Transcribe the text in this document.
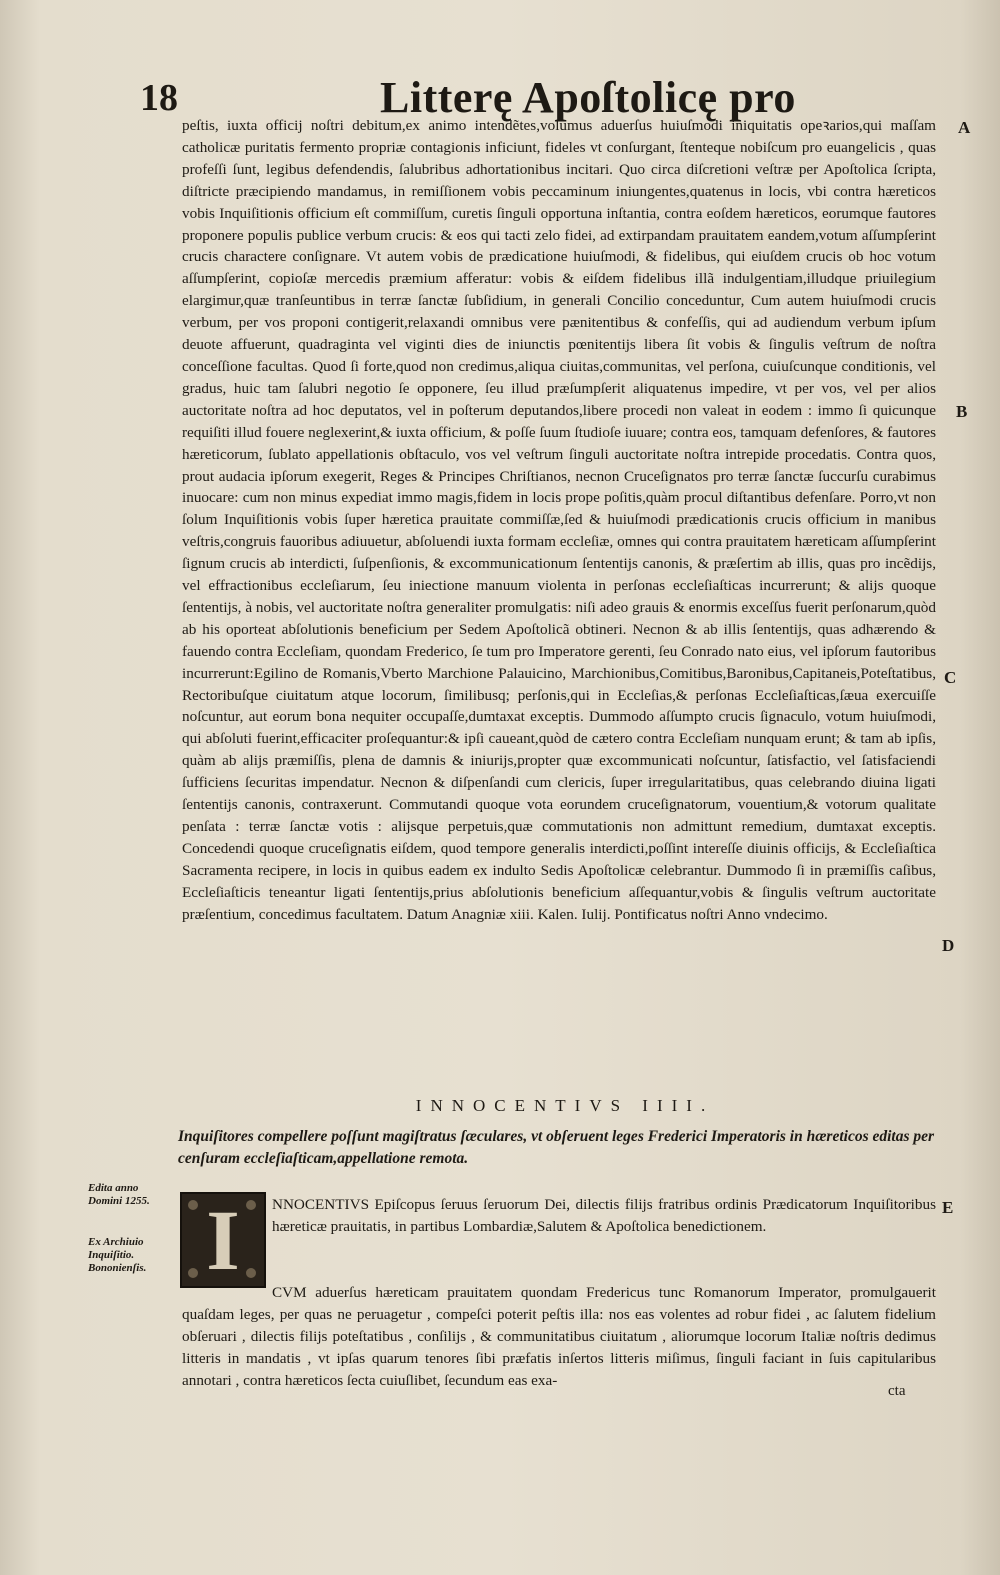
18	Litterę Apoſtolicę pro
A
B
C
D
E

peſtis, iuxta officij noſtri debitum,ex animo intendẽtes,volumus aduerſus huiuſmodi iniquitatis opeꝛarios,qui maſſam catholicæ puritatis fermento propriæ contagionis inficiunt, fideles vt conſurgant, ſtenteque nobiſcum pro euangelicis , quas profeſſi ſunt, legibus defendendis, ſalubribus adhortationibus incitari. Quo circa diſcretioni veſtræ per Apoſtolica ſcripta, diſtricte præcipiendo mandamus, in remiſſionem vobis peccaminum iniungentes,quatenus in locis, vbi contra hæreticos vobis Inquiſitionis officium eſt commiſſum, curetis ſinguli opportuna inſtantia, contra eoſdem hæreticos, eorumque fautores proponere populis publice verbum crucis: & eos qui tacti zelo fidei, ad extirpandam prauitatem eandem,votum aſſumpſerint crucis charactere conſignare. Vt autem vobis de prædicatione huiuſmodi, & fidelibus, qui eiuſdem crucis ob hoc votum aſſumpſerint, copioſæ mercedis præmium afferatur: vobis & eiſdem fidelibus illã indulgentiam,illudque priuilegium elargimur,quæ tranſeuntibus in terræ ſanctæ ſubſidium, in generali Concilio conceduntur, Cum autem huiuſmodi crucis verbum, per vos proponi contigerit,relaxandi omnibus vere pænitentibus & confeſſis, qui ad audiendum verbum ipſum deuote affuerunt, quadraginta vel viginti dies de iniunctis pœnitentijs libera ſit vobis & ſingulis veſtrum de noſtra conceſſione facultas. Quod ſi forte,quod non credimus,aliqua ciuitas,communitas, vel perſona, cuiuſcunque conditionis, vel gradus, huic tam ſalubri negotio ſe opponere, ſeu illud præſumpſerit aliquatenus impedire, vt per vos, vel per alios auctoritate noſtra ad hoc deputatos, vel in poſterum deputandos,libere procedi non valeat in eodem : immo ſi quicunque requiſiti illud fouere neglexerint,& iuxta officium, & poſſe ſuum ſtudioſe iuuare; contra eos, tamquam defenſores, & fautores hæreticorum, ſublato appellationis obſtaculo, vos vel veſtrum ſinguli auctoritate noſtra intrepide procedatis. Contra quos, prout audacia ipſorum exegerit, Reges & Principes Chriſtianos, necnon Cruceſignatos pro terræ ſanctæ ſuccurſu curabimus inuocare: cum non minus expediat immo magis,fidem in locis prope poſitis,quàm procul diſtantibus defenſare. Porro,vt non ſolum Inquiſitionis vobis ſuper hæretica prauitate commiſſæ,ſed & huiuſmodi prædicationis crucis officium in manibus veſtris,congruis fauoribus adiuuetur, abſoluendi iuxta formam eccleſiæ, omnes qui contra prauitatem hæreticam aſſumpſerint ſignum crucis ab interdicti, ſuſpenſionis, & excommunicationum ſententijs canonis, & præſertim ab illis, quas pro incẽdijs, vel effractionibus eccleſiarum, ſeu iniectione manuum violenta in perſonas eccleſiaſticas incurrerunt; & alijs quoque ſententijs, à nobis, vel auctoritate noſtra generaliter promulgatis: niſi adeo grauis & enormis exceſſus fuerit perſonarum,quòd ab his oporteat abſolutionis beneficium per Sedem Apoſtolicã obtineri. Necnon & ab illis ſententijs, quas adhærendo & fauendo contra Eccleſiam, quondam Frederico, ſe tum pro Imperatore gerenti, ſeu Conrado nato eius, vel ipſorum fautoribus incurrerunt:Egilino de Romanis,Vberto Marchione Palauicino, Marchionibus,Comitibus,Baronibus,Capitaneis,Poteſtatibus, Rectoribuſque ciuitatum atque locorum, ſimilibusq; perſonis,qui in Eccleſias,& perſonas Eccleſiaſticas,ſæua exercuiſſe noſcuntur, aut eorum bona nequiter occupaſſe,dumtaxat exceptis. Dummodo aſſumpto crucis ſignaculo, votum huiuſmodi, qui abſoluti fuerint,efficaciter proſequantur:& ipſi caueant,quòd de cætero contra Eccleſiam nunquam erunt; & tam ab ipſis, quàm ab alijs præmiſſis, plena de damnis & iniurijs,propter quæ excommunicati noſcuntur, ſatisfactio, vel ſatisfaciendi ſufficiens ſecuritas impendatur. Necnon & diſpenſandi cum clericis, ſuper irregularitatibus, quas celebrando diuina ligati ſententijs canonis, contraxerunt. Commutandi quoque vota eorundem cruceſignatorum, vouentium,& votorum qualitate penſata : terræ ſanctæ votis : alijsque perpetuis,quæ commutationis non admittunt remedium, dumtaxat exceptis. Concedendi quoque cruceſignatis eiſdem, quod tempore generalis interdicti,poſſint intereſſe diuinis officijs, & Eccleſiaſtica Sacramenta recipere, in locis in quibus eadem ex indulto Sedis Apoſtolicæ celebrantur. Dummodo ſi in præmiſſis caſibus, Eccleſiaſticis teneantur ligati ſententijs,prius abſolutionis beneficium aſſequantur,vobis & ſingulis veſtrum auctoritate præſentium, concedimus facultatem. Datum Anagniæ xiii. Kalen. Iulij. Pontificatus noſtri Anno vndecimo.

INNOCENTIVS IIII.
Inquiſitores compellere poſſunt magiſtratus ſæculares, vt obſeruent leges Frederici Imperatoris in hæreticos editas per cenſuram eccleſiaſticam,appellatione remota.
Edita anno Domini 1255.
Ex Archiuio Inquiſitio. Bononienſis. I	NNOCENTIVS Epiſcopus ſeruus ſeruorum Dei, dilectis filijs fratribus ordinis Prædicatorum Inquiſitoribus hæreticæ prauitatis, in partibus Lombardiæ,Salutem & Apoſtolica benedictionem.
CVM aduerſus hæreticam prauitatem quondam Fredericus tunc Romanorum Imperator, promulgauerit quaſdam leges, per quas ne peruagetur , compeſci poterit peſtis illa: nos eas volentes ad robur fidei , ac ſalutem fidelium obſeruari , dilectis filijs poteſtatibus , conſilijs , & communitatibus ciuitatum , aliorumque locorum Italiæ noſtris dedimus litteris in mandatis , vt ipſas quarum tenores ſibi præfatis inſertos litteris miſimus, ſinguli faciant in ſuis capitularibus annotari , contra hæreticos ſecta cuiuſlibet, ſecundum eas exa-
cta
